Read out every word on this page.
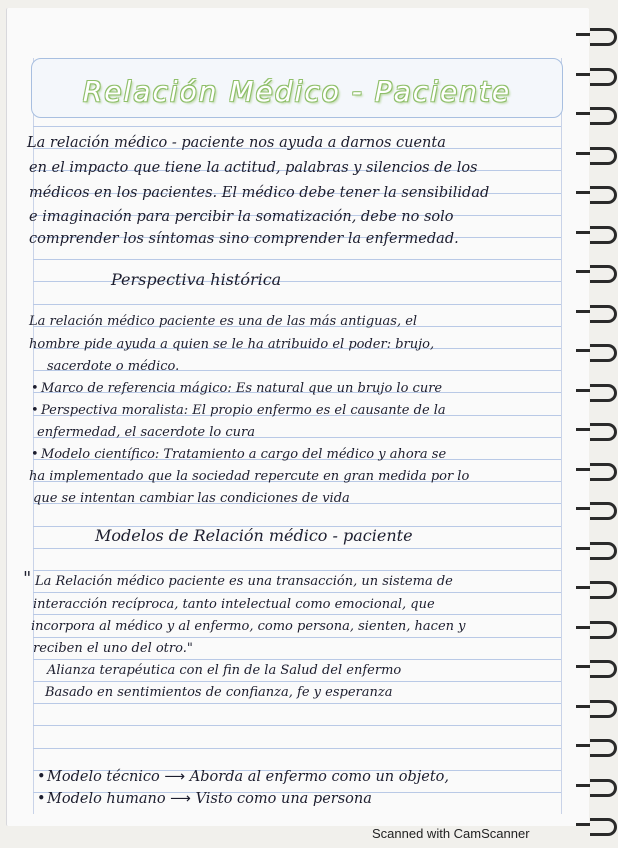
Relación Médico - Paciente
La relación médico - paciente nos ayuda a darnos cuenta
en el impacto que tiene la actitud, palabras y silencios de los
médicos en los pacientes. El médico debe tener la sensibilidad
e imaginación para percibir la somatización, debe no solo
comprender los síntomas sino comprender la enfermedad.
Perspectiva histórica
La relación médico paciente es una de las más antiguas, el
hombre pide ayuda a quien se le ha atribuido el poder: brujo,
sacerdote o médico.
• Marco de referencia mágico: Es natural que un brujo lo cure
• Perspectiva moralista: El propio enfermo es el causante de la
enfermedad, el sacerdote lo cura
• Modelo científico: Tratamiento a cargo del médico y ahora se
ha implementado que la sociedad repercute en gran medida por lo
que se intentan cambiar las condiciones de vida
Modelos de Relación médico - paciente
" La Relación médico paciente es una transacción, un sistema de
interacción recíproca, tanto intelectual como emocional, que
incorpora al médico y al enfermo, como persona, sienten, hacen y
reciben el uno del otro."
Alianza terapéutica con el fin de la Salud del enfermo
Basado en sentimientos de confianza, fe y esperanza
•Modelo técnico ⟶ Aborda al enfermo como un objeto,
•Modelo humano ⟶ Visto como una persona
Scanned with CamScanner
